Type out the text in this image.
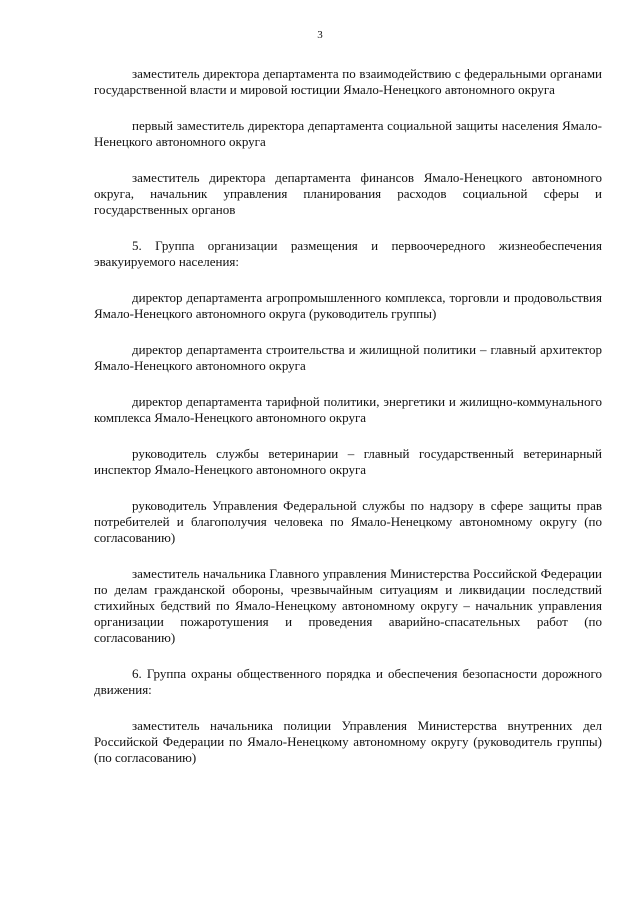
3

заместитель директора департамента по взаимодействию с федеральными органами государственной власти и мировой юстиции Ямало-Ненецкого автономного округа

первый заместитель директора департамента социальной защиты населения Ямало-Ненецкого автономного округа

заместитель директора департамента финансов Ямало-Ненецкого автономного округа, начальник управления планирования расходов социальной сферы и государственных органов

5. Группа организации размещения и первоочередного жизнеобеспечения эвакуируемого населения:

директор департамента агропромышленного комплекса, торговли и продовольствия Ямало-Ненецкого автономного округа (руководитель группы)

директор департамента строительства и жилищной политики – главный архитектор Ямало-Ненецкого автономного округа

директор департамента тарифной политики, энергетики и жилищно-коммунального комплекса Ямало-Ненецкого автономного округа

руководитель службы ветеринарии – главный государственный ветеринарный инспектор Ямало-Ненецкого автономного округа

руководитель Управления Федеральной службы по надзору в сфере защиты прав потребителей и благополучия человека по Ямало-Ненецкому автономному округу (по согласованию)

заместитель начальника Главного управления Министерства Российской Федерации по делам гражданской обороны, чрезвычайным ситуациям и ликвидации последствий стихийных бедствий по Ямало-Ненецкому автономному округу – начальник управления организации пожаротушения и проведения аварийно-спасательных работ (по согласованию)

6. Группа охраны общественного порядка и обеспечения безопасности дорожного движения:

заместитель начальника полиции Управления Министерства внутренних дел Российской Федерации по Ямало-Ненецкому автономному округу (руководитель группы) (по согласованию)
